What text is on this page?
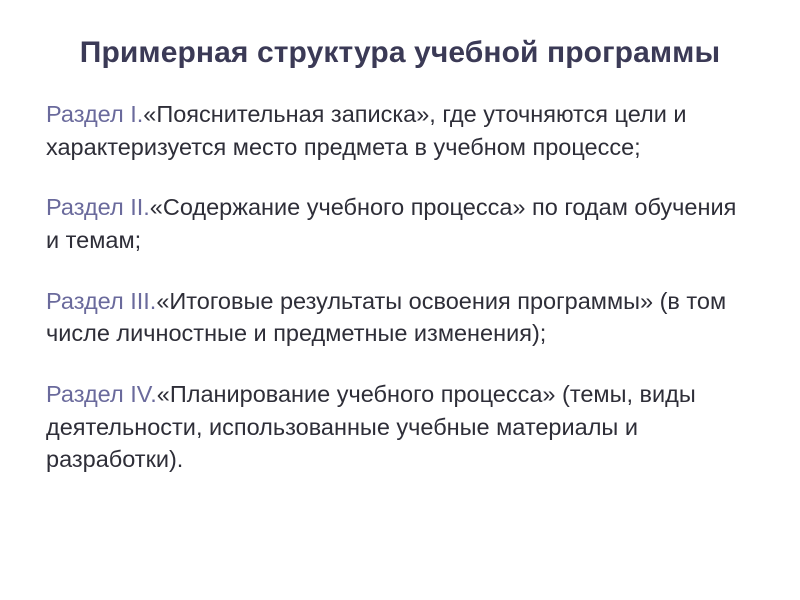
Примерная структура учебной программы

Раздел I.«Пояснительная записка», где уточняются цели и характеризуется место предмета в учебном процессе;

Раздел II.«Содержание учебного процесса» по годам обучения и темам;

Раздел III.«Итоговые результаты освоения программы» (в том числе личностные и предметные изменения);

Раздел IV.«Планирование учебного процесса» (темы, виды деятельности, использованные учебные материалы и разработки).
